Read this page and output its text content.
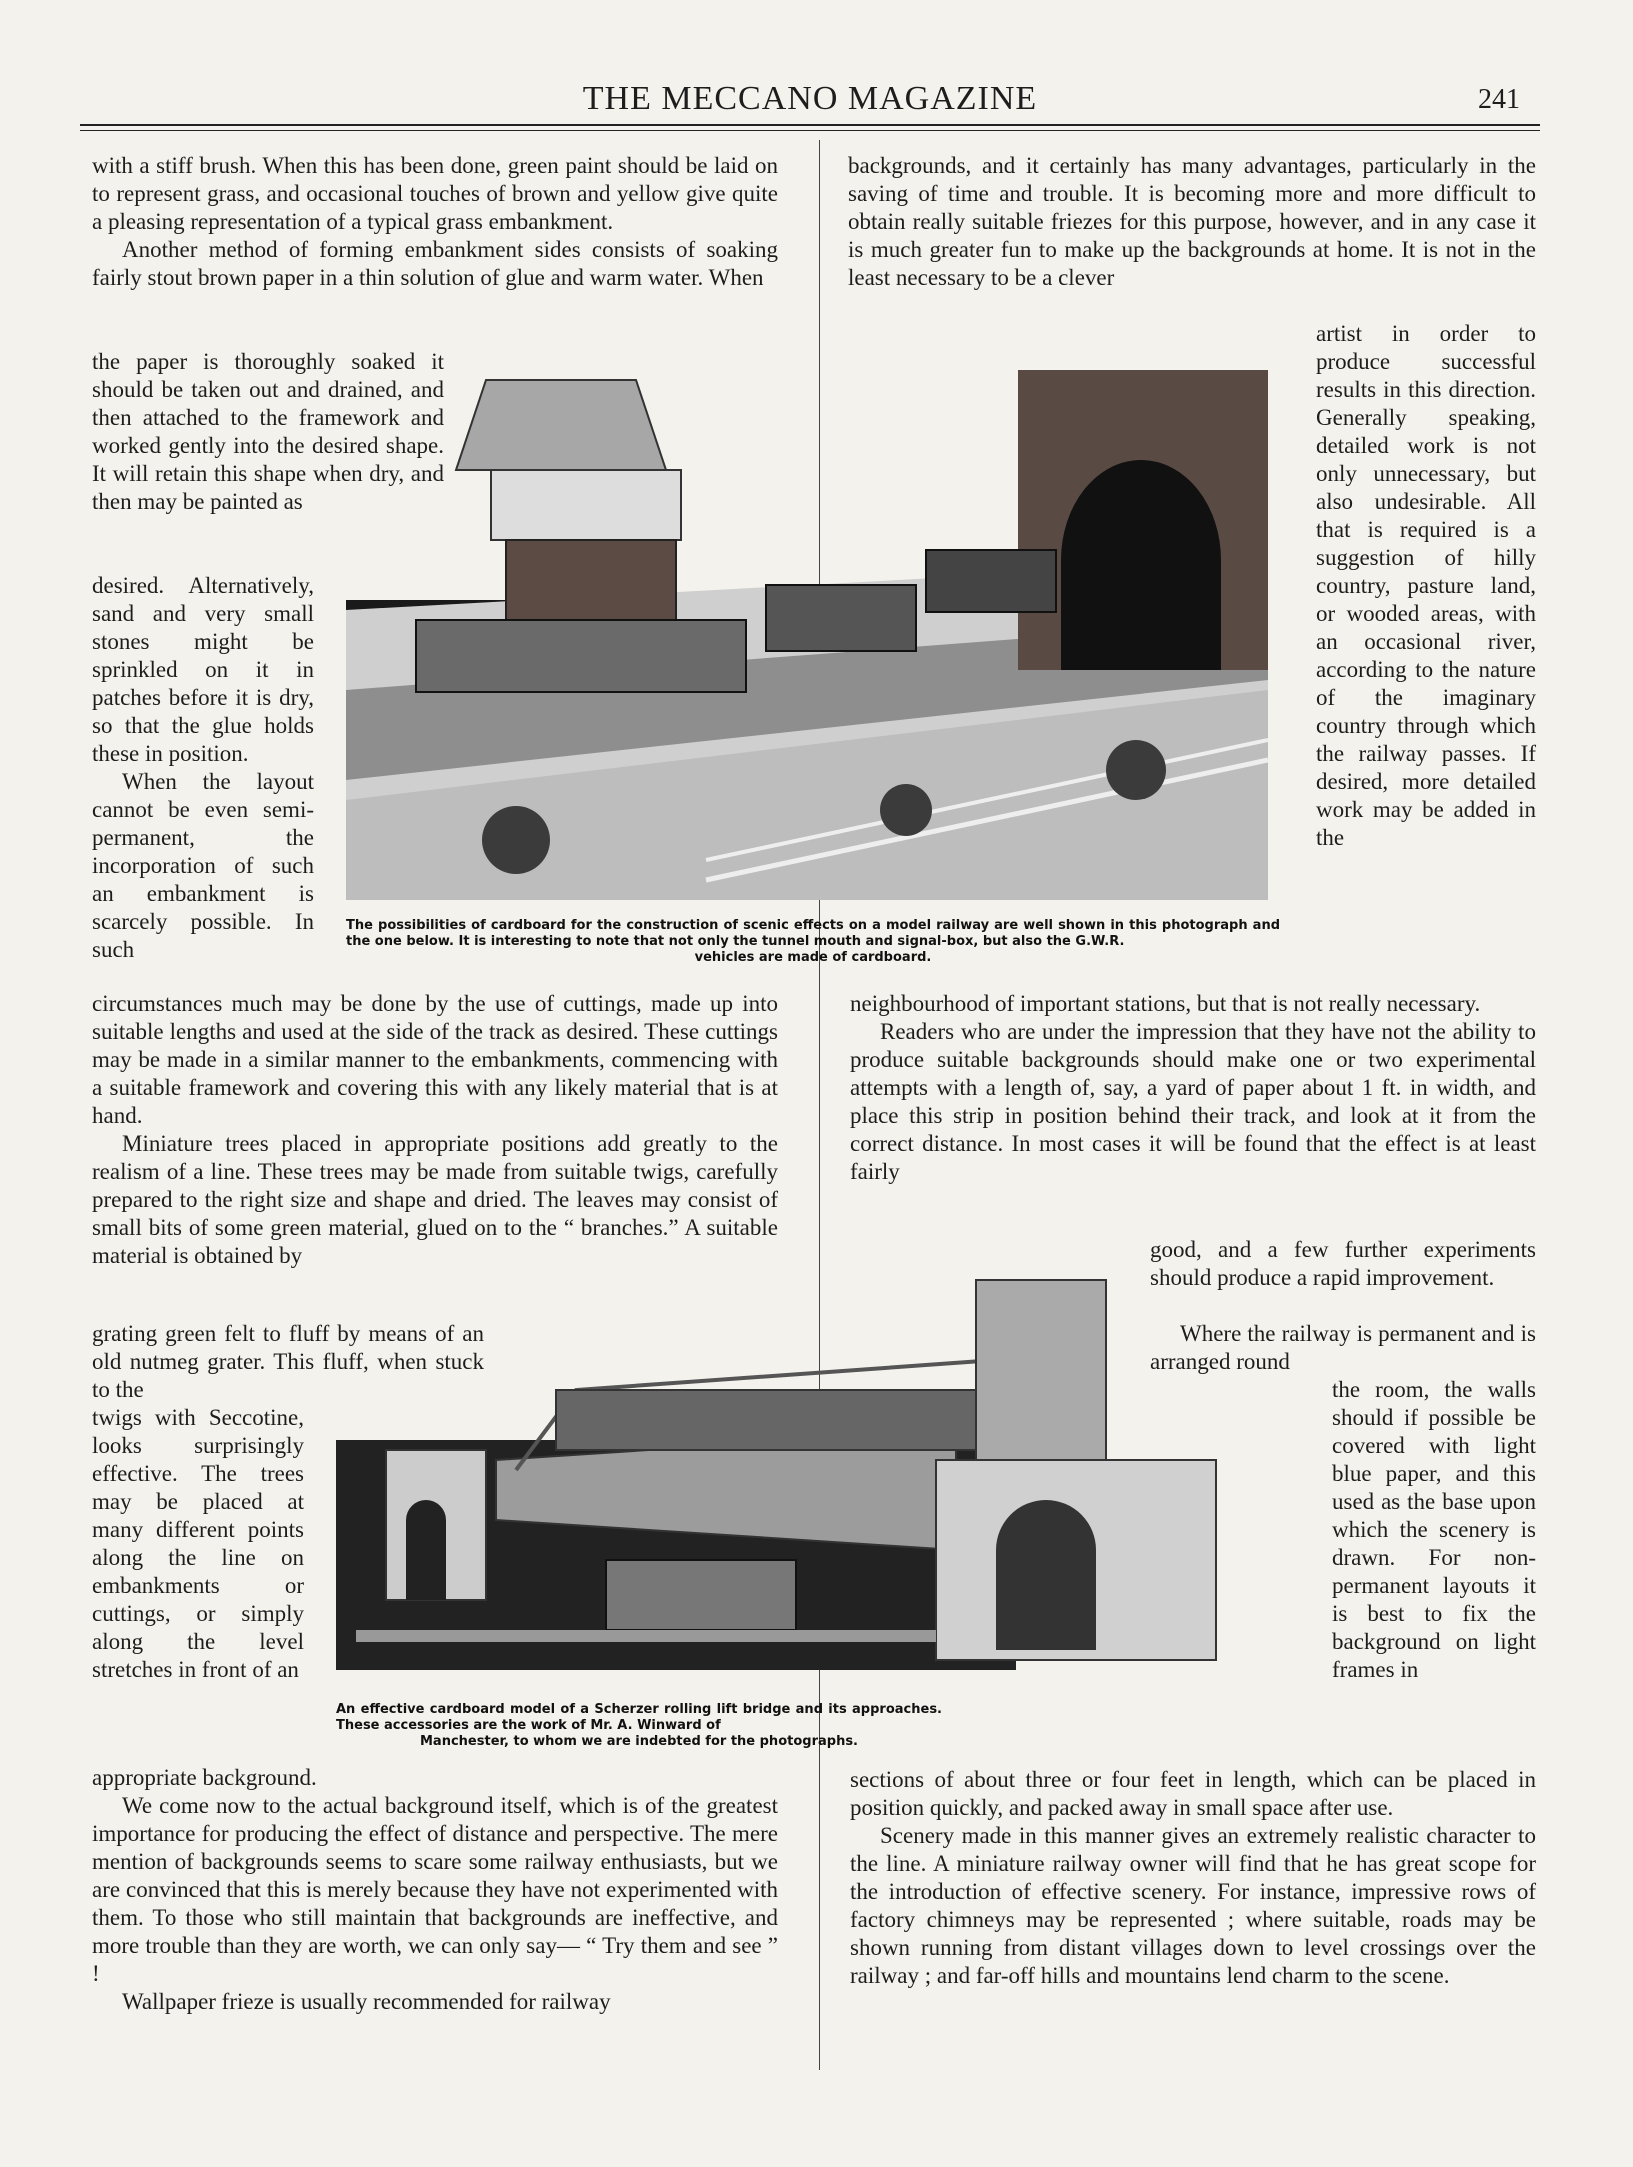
THE MECCANO MAGAZINE	241

with a stiff brush. When this has been done, green paint should be laid on to represent grass, and occasional touches of brown and yellow give quite a pleasing representation of a typical grass embankment.

Another method of forming embankment sides consists of soaking fairly stout brown paper in a thin solution of glue and warm water. When

the paper is thoroughly soaked it should be taken out and drained, and then attached to the framework and worked gently into the desired shape. It will retain this shape when dry, and then may be painted as

desired. Alternatively, sand and very small stones might be sprinkled on it in patches before it is dry, so that the glue holds these in position.

When the layout cannot be even semi-permanent, the incorporation of such an embankment is scarcely possible. In such

circumstances much may be done by the use of cuttings, made up into suitable lengths and used at the side of the track as desired. These cuttings may be made in a similar manner to the embankments, commencing with a suitable framework and covering this with any likely material that is at hand.

Miniature trees placed in appropriate positions add greatly to the realism of a line. These trees may be made from suitable twigs, carefully prepared to the right size and shape and dried. The leaves may consist of small bits of some green material, glued on to the “ branches.” A suitable material is obtained by

grating green felt to fluff by means of an old nutmeg grater. This fluff, when stuck to the

twigs with Seccotine, looks surprisingly effective. The trees may be placed at many different points along the line on embankments or cuttings, or simply along the level stretches in front of an

appropriate background.

We come now to the actual background itself, which is of the greatest importance for producing the effect of distance and perspective. The mere mention of backgrounds seems to scare some railway enthusiasts, but we are convinced that this is merely because they have not experimented with them. To those who still maintain that backgrounds are ineffective, and more trouble than they are worth, we can only say— “ Try them and see ” !

Wallpaper frieze is usually recommended for railway

backgrounds, and it certainly has many advantages, particularly in the saving of time and trouble. It is becoming more and more difficult to obtain really suitable friezes for this purpose, however, and in any case it is much greater fun to make up the backgrounds at home. It is not in the least necessary to be a clever

artist in order to produce successful results in this direction. Generally speaking, detailed work is not only unnecessary, but also undesirable. All that is required is a suggestion of hilly country, pasture land, or wooded areas, with an occasional river, according to the nature of the imaginary country through which the railway passes. If desired, more detailed work may be added in the

neighbourhood of important stations, but that is not really necessary.

Readers who are under the impression that they have not the ability to produce suitable backgrounds should make one or two experimental attempts with a length of, say, a yard of paper about 1 ft. in width, and place this strip in position behind their track, and look at it from the correct distance. In most cases it will be found that the effect is at least fairly

good, and a few further experiments should produce a rapid improvement.

Where the railway is permanent and is arranged round

the room, the walls should if possible be covered with light blue paper, and this used as the base upon which the scenery is drawn. For non-permanent layouts it is best to fix the background on light frames in

sections of about three or four feet in length, which can be placed in position quickly, and packed away in small space after use.

Scenery made in this manner gives an extremely realistic character to the line. A miniature railway owner will find that he has great scope for the introduction of effective scenery. For instance, impressive rows of factory chimneys may be represented ; where suitable, roads may be shown running from distant villages down to level crossings over the railway ; and far-off hills and mountains lend charm to the scene.

The possibilities of cardboard for the construction of scenic effects on a model railway are well shown in this photograph and the one below. It is interesting to note that not only the tunnel mouth and signal-box, but also the G.W.R.
vehicles are made of cardboard.
An effective cardboard model of a Scherzer rolling lift bridge and its approaches. These accessories are the work of Mr. A. Winward of
Manchester, to whom we are indebted for the photographs.
